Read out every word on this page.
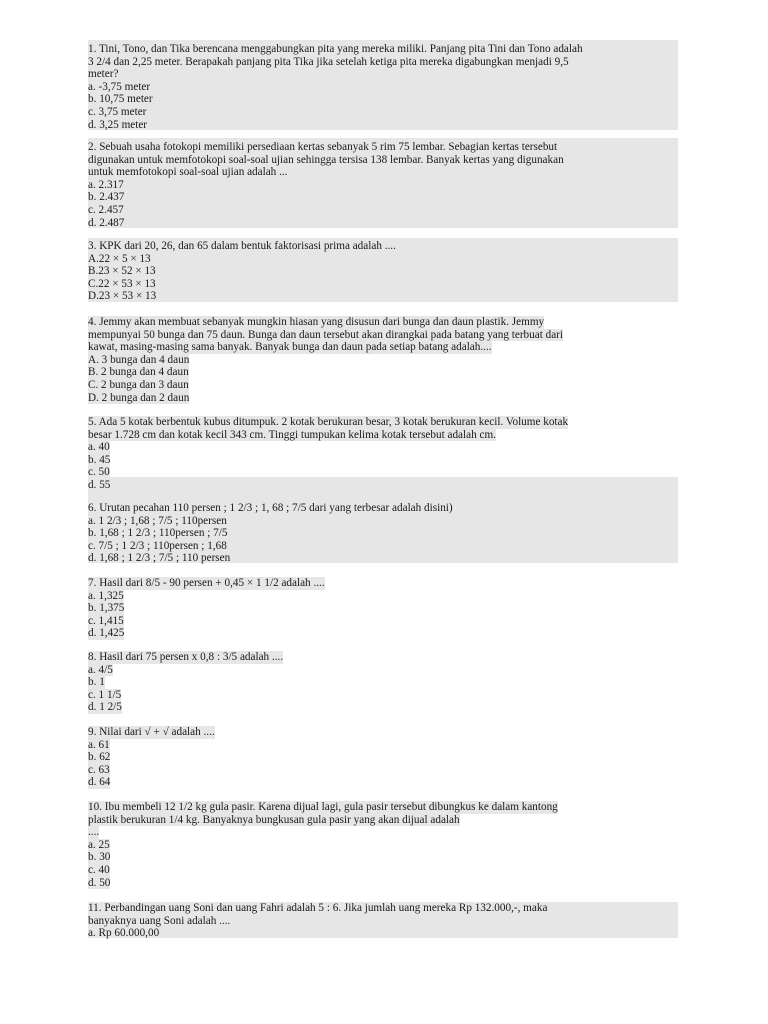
1. Tini, Tono, dan Tika berencana menggabungkan pita yang mereka miliki. Panjang pita Tini dan Tono adalah
3 2/4 dan 2,25 meter. Berapakah panjang pita Tika jika setelah ketiga pita mereka digabungkan menjadi 9,5
meter?
a. -3,75 meter
b. 10,75 meter
c. 3,75 meter
d. 3,25 meter
2. Sebuah usaha fotokopi memiliki persediaan kertas sebanyak 5 rim 75 lembar. Sebagian kertas tersebut
digunakan untuk memfotokopi soal-soal ujian sehingga tersisa 138 lembar. Banyak kertas yang digunakan
untuk memfotokopi soal-soal ujian adalah ...
a. 2.317
b. 2.437
c. 2.457
d. 2.487
3. KPK dari 20, 26, dan 65 dalam bentuk faktorisasi prima adalah ....
A.22 × 5 × 13
B.23 × 52 × 13
C.22 × 53 × 13
D.23 × 53 × 13
4. Jemmy akan membuat sebanyak mungkin hiasan yang disusun dari bunga dan daun plastik. Jemmy
mempunyai 50 bunga dan 75 daun. Bunga dan daun tersebut akan dirangkai pada batang yang terbuat dari
kawat, masing-masing sama banyak. Banyak bunga dan daun pada setiap batang adalah....
A. 3 bunga dan 4 daun
B. 2 bunga dan 4 daun
C. 2 bunga dan 3 daun
D. 2 bunga dan 2 daun
5. Ada 5 kotak berbentuk kubus ditumpuk. 2 kotak berukuran besar, 3 kotak berukuran kecil. Volume kotak
besar 1.728 cm dan kotak kecil 343 cm. Tinggi tumpukan kelima kotak tersebut adalah cm.
a. 40
b. 45
c. 50
d. 55
6. Urutan pecahan 110 persen ; 1 2/3 ; 1, 68 ; 7/5 dari yang terbesar adalah disini)
a. 1 2/3 ; 1,68 ; 7/5 ; 110persen
b. 1,68 ; 1 2/3 ; 110persen ; 7/5
c. 7/5 ; 1 2/3 ; 110persen ; 1,68
d. 1,68 ; 1 2/3 ; 7/5 ; 110 persen
7. Hasil dari 8/5 - 90 persen + 0,45 × 1 1/2 adalah ....
a. 1,325
b. 1,375
c. 1,415
d. 1,425
8. Hasil dari 75 persen x 0,8 : 3/5 adalah ....
a. 4/5
b. 1
c. 1 1/5
d. 1 2/5
9. Nilai dari √ + √ adalah ....
a. 61
b. 62
c. 63
d. 64
10. Ibu membeli 12 1/2 kg gula pasir. Karena dijual lagi, gula pasir tersebut dibungkus ke dalam kantong
plastik berukuran 1/4 kg. Banyaknya bungkusan gula pasir yang akan dijual adalah
....
a. 25
b. 30
c. 40
d. 50
11. Perbandingan uang Soni dan uang Fahri adalah 5 : 6. Jika jumlah uang mereka Rp 132.000,-, maka
banyaknya uang Soni adalah ....
a. Rp 60.000,00
